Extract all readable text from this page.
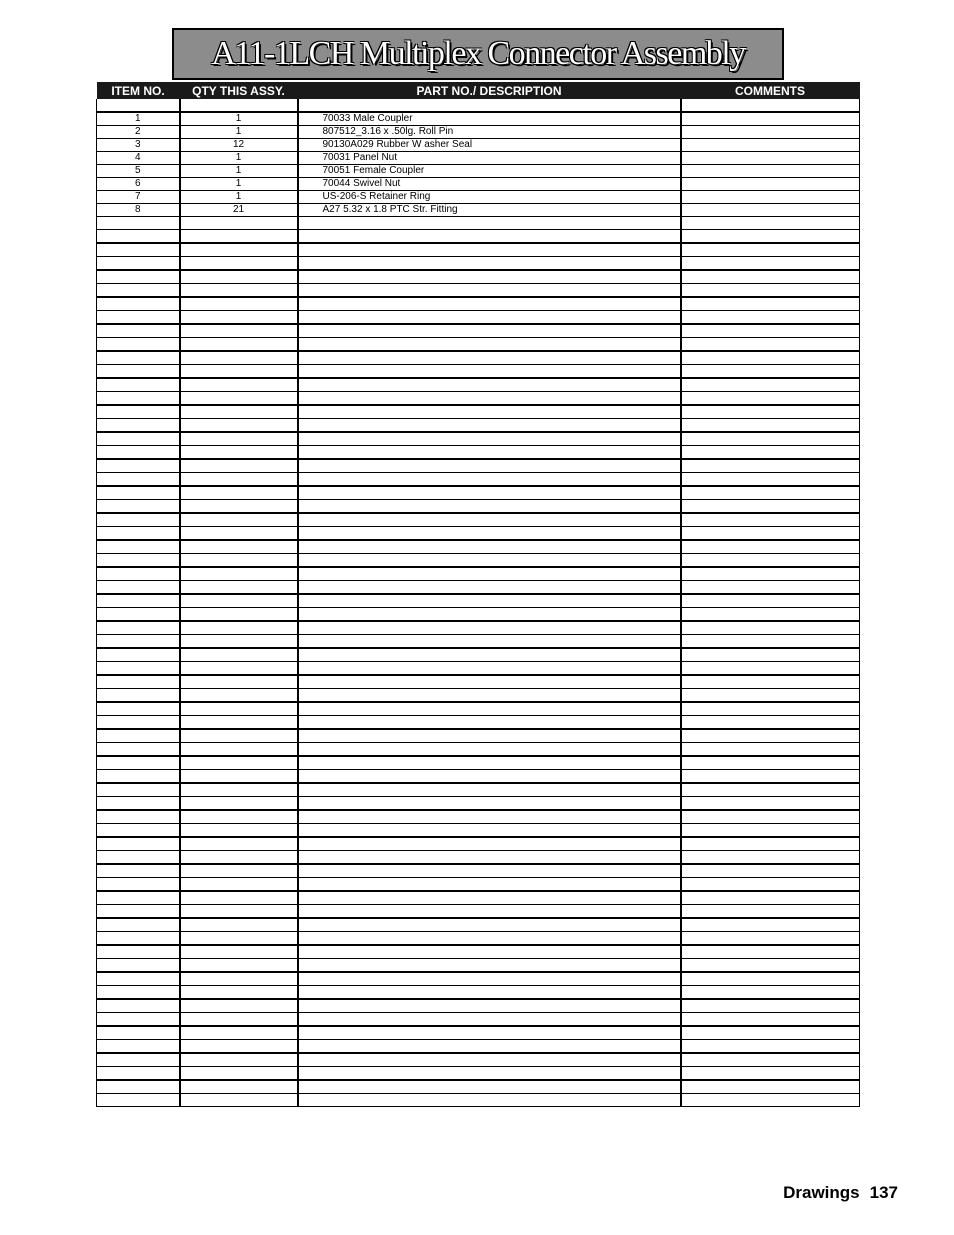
A11-1LCH Multiplex Connector Assembly
ITEM NO.	QTY THIS ASSY.	PART NO./ DESCRIPTION	COMMENTS

1	1	70033 Male Coupler	
2	1	807512_3.16 x .50lg. Roll Pin	
3	12	90130A029 Rubber W asher Seal	
4	1	70031 Panel Nut	
5	1	70051 Female Coupler	
6	1	70044 Swivel Nut	
7	1	US-206-S Retainer Ring	
8	21	A27 5.32 x 1.8 PTC Str. Fitting	

Drawings 137
